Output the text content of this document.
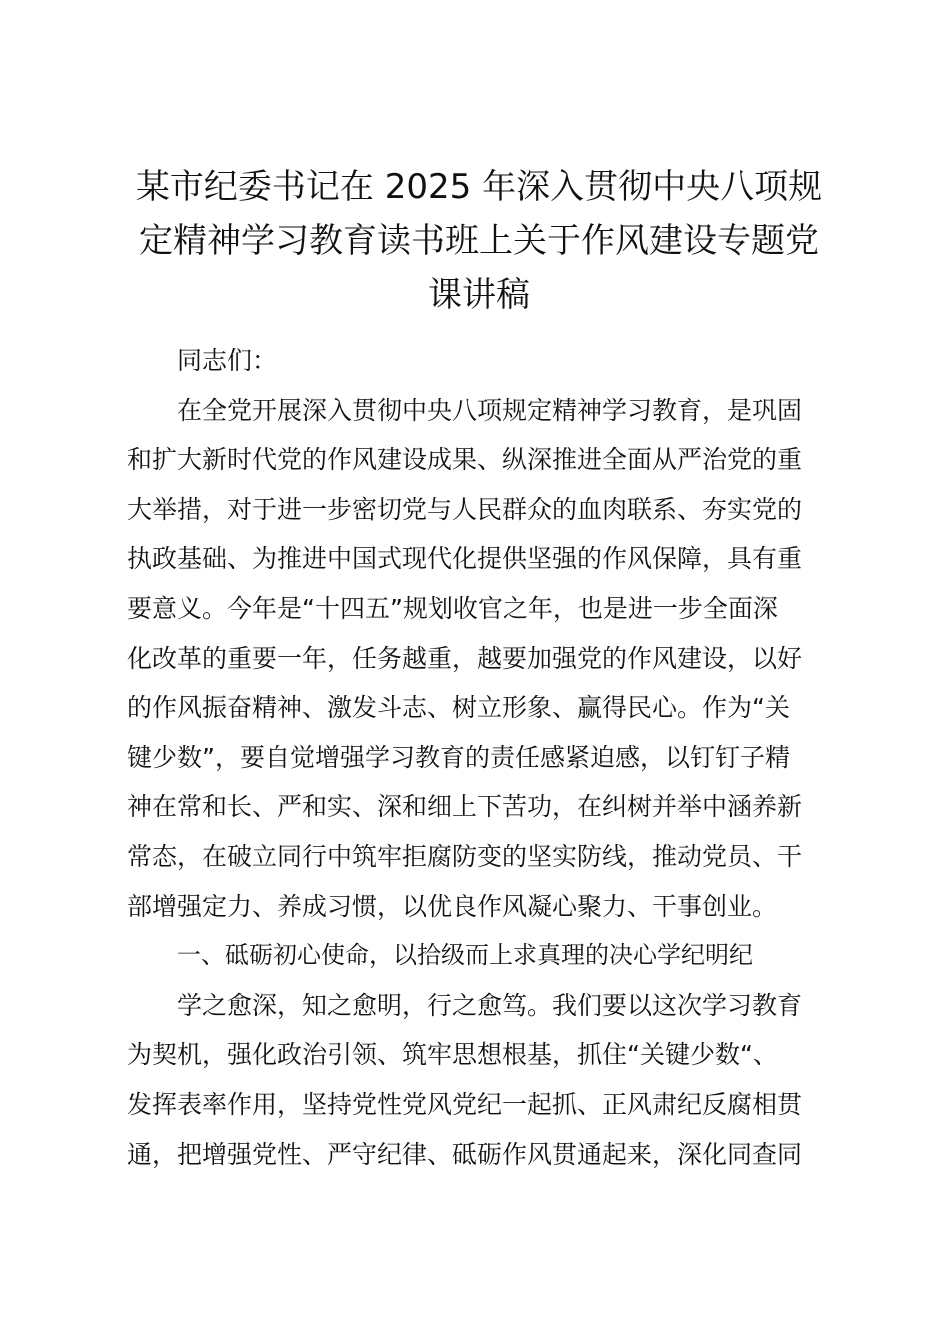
某市纪委书记在 2025 年深入贯彻中央八项规
定精神学习教育读书班上关于作风建设专题党
课讲稿
同志们：
在全党开展深入贯彻中央八项规定精神学习教育，是巩固
和扩大新时代党的作风建设成果、纵深推进全面从严治党的重
大举措，对于进一步密切党与人民群众的血肉联系、夯实党的
执政基础、为推进中国式现代化提供坚强的作风保障，具有重
要意义。今年是“十四五”规划收官之年，也是进一步全面深
化改革的重要一年，任务越重，越要加强党的作风建设，以好
的作风振奋精神、激发斗志、树立形象、赢得民心。作为“关
键少数”，要自觉增强学习教育的责任感紧迫感，以钉钉子精
神在常和长、严和实、深和细上下苦功，在纠树并举中涵养新
常态，在破立同行中筑牢拒腐防变的坚实防线，推动党员、干
部增强定力、养成习惯，以优良作风凝心聚力、干事创业。
一、砥砺初心使命，以拾级而上求真理的决心学纪明纪
学之愈深，知之愈明，行之愈笃。我们要以这次学习教育
为契机，强化政治引领、筑牢思想根基，抓住“关键少数“、
发挥表率作用，坚持党性党风党纪一起抓、正风肃纪反腐相贯
通，把增强党性、严守纪律、砥砺作风贯通起来，深化同查同
